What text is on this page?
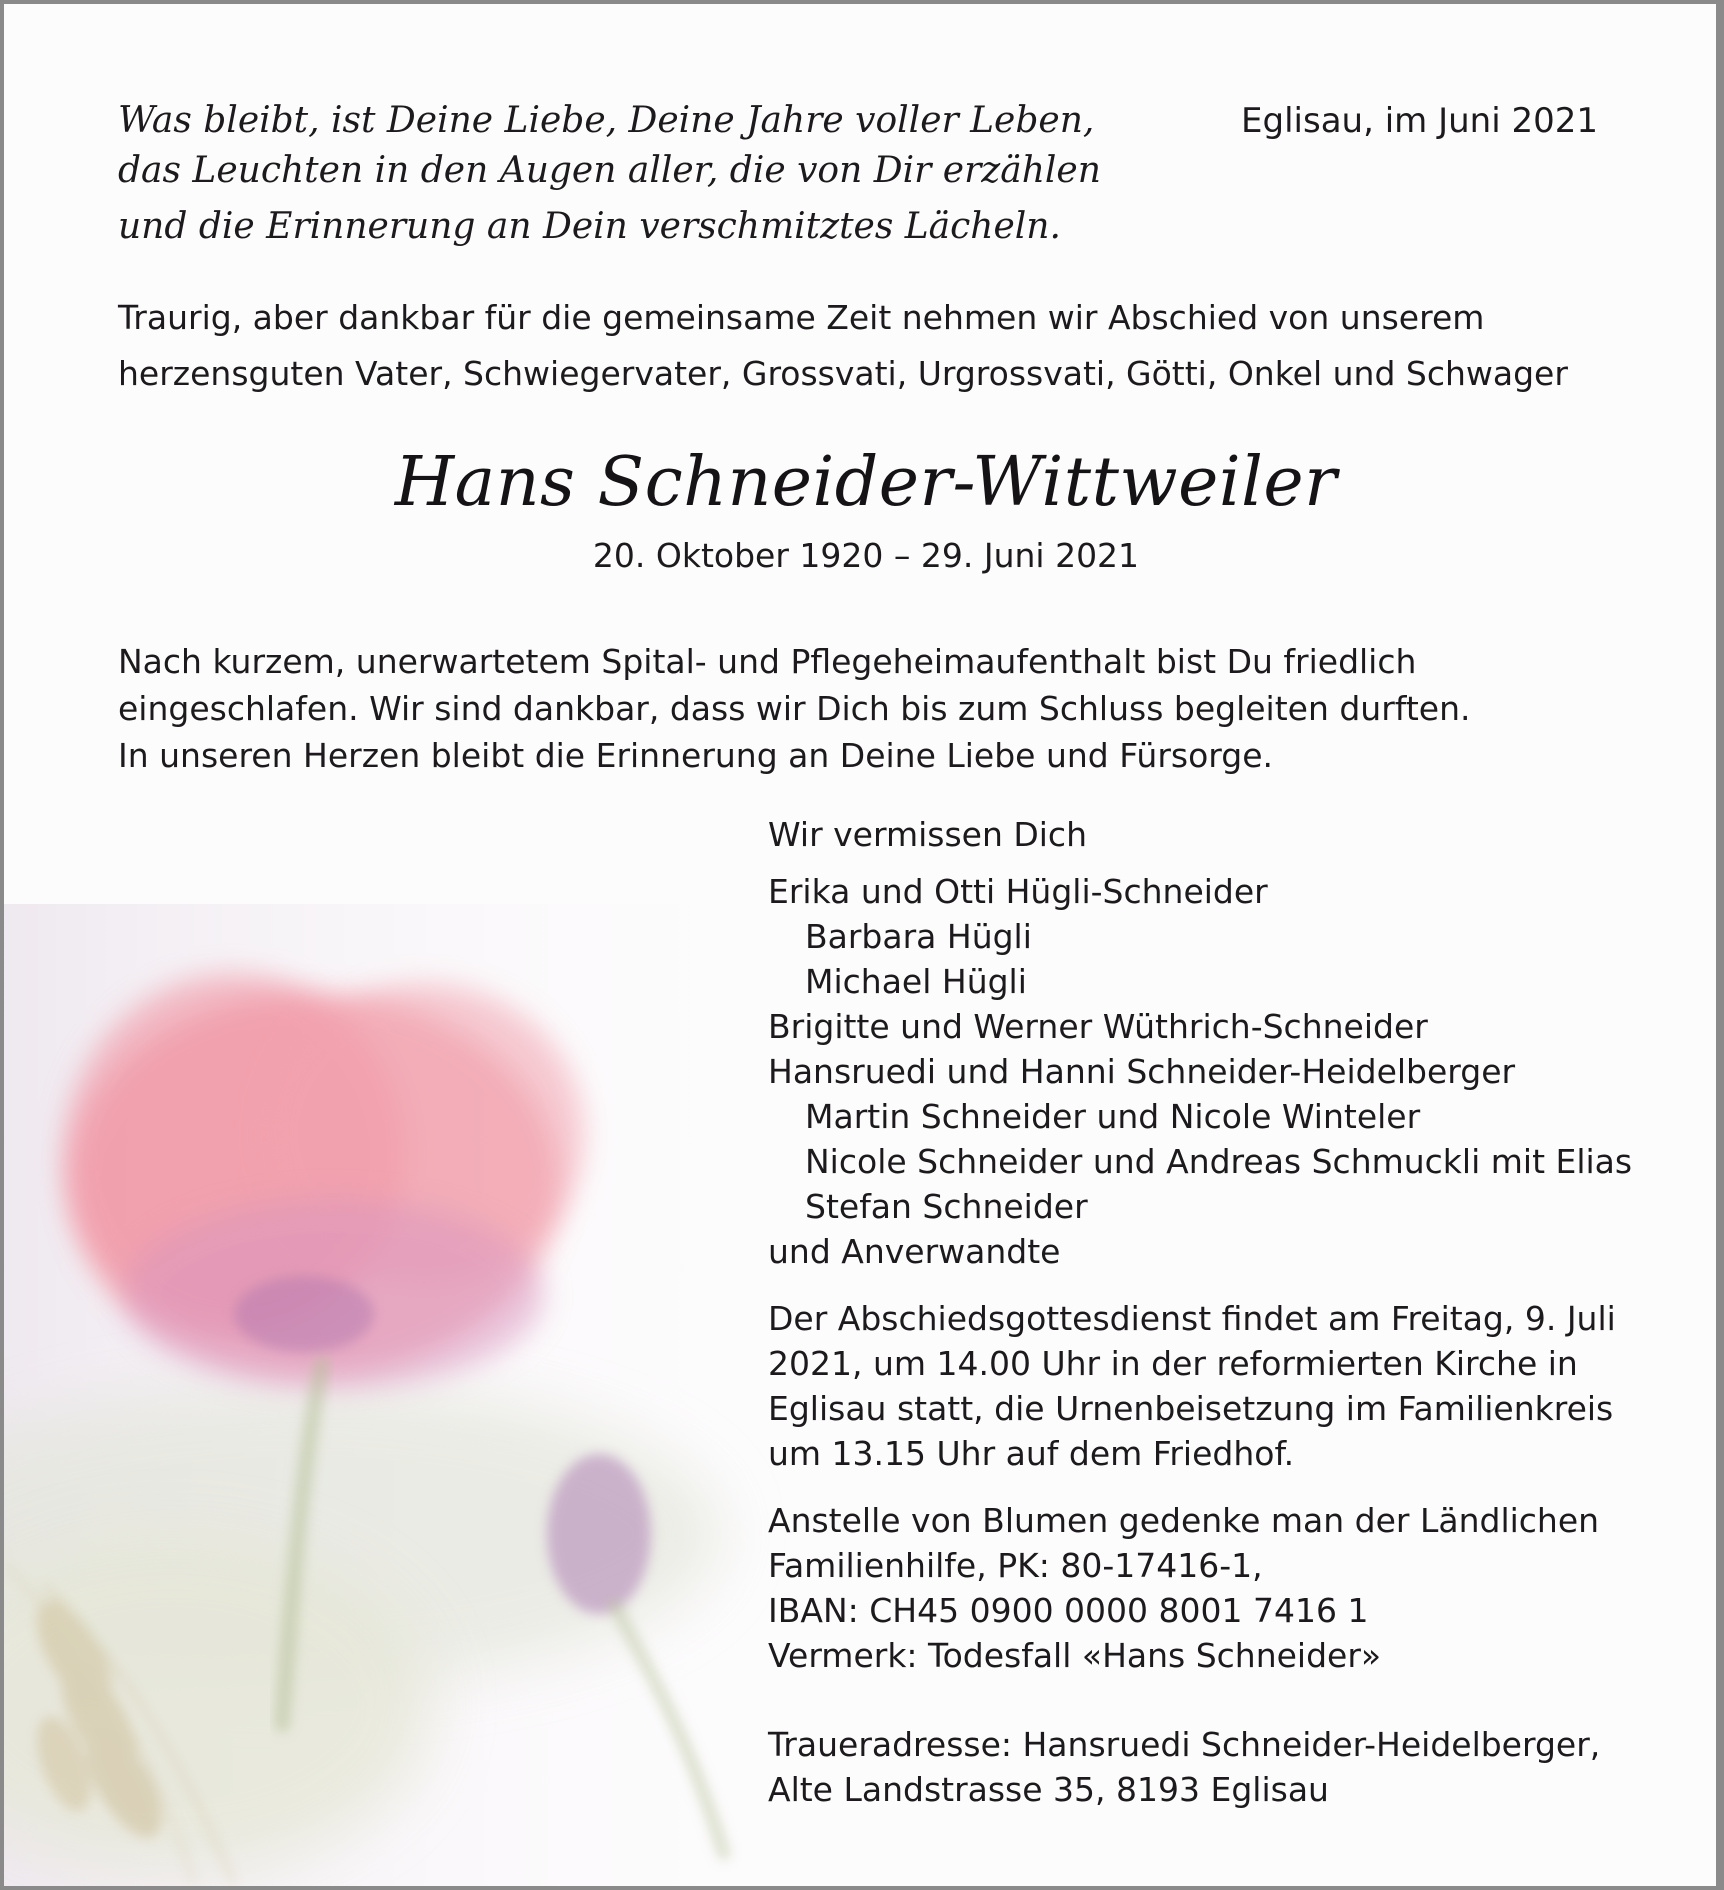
Was bleibt, ist Deine Liebe, Deine Jahre voller Leben,
das Leuchten in den Augen aller, die von Dir erzählen
und die Erinnerung an Dein verschmitztes Lächeln.
Eglisau, im Juni 2021
Traurig, aber dankbar für die gemeinsame Zeit nehmen wir Abschied von unserem
herzensguten Vater, Schwiegervater, Grossvati, Urgrossvati, Götti, Onkel und Schwager
Hans Schneider-Wittweiler
20. Oktober 1920 – 29. Juni 2021
Nach kurzem, unerwartetem Spital- und Pflegeheimaufenthalt bist Du friedlich
eingeschlafen. Wir sind dankbar, dass wir Dich bis zum Schluss begleiten durften.
In unseren Herzen bleibt die Erinnerung an Deine Liebe und Fürsorge.
Wir vermissen Dich
Erika und Otti Hügli-Schneider
Barbara Hügli
Michael Hügli
Brigitte und Werner Wüthrich-Schneider
Hansruedi und Hanni Schneider-Heidelberger
Martin Schneider und Nicole Winteler
Nicole Schneider und Andreas Schmuckli mit Elias
Stefan Schneider
und Anverwandte
Der Abschiedsgottesdienst findet am Freitag, 9. Juli
2021, um 14.00 Uhr in der reformierten Kirche in
Eglisau statt, die Urnenbeisetzung im Familienkreis
um 13.15 Uhr auf dem Friedhof.
Anstelle von Blumen gedenke man der Ländlichen
Familienhilfe, PK: 80-17416-1,
IBAN: CH45 0900 0000 8001 7416 1
Vermerk: Todesfall «Hans Schneider»
Traueradresse: Hansruedi Schneider-Heidelberger,
Alte Landstrasse 35, 8193 Eglisau
